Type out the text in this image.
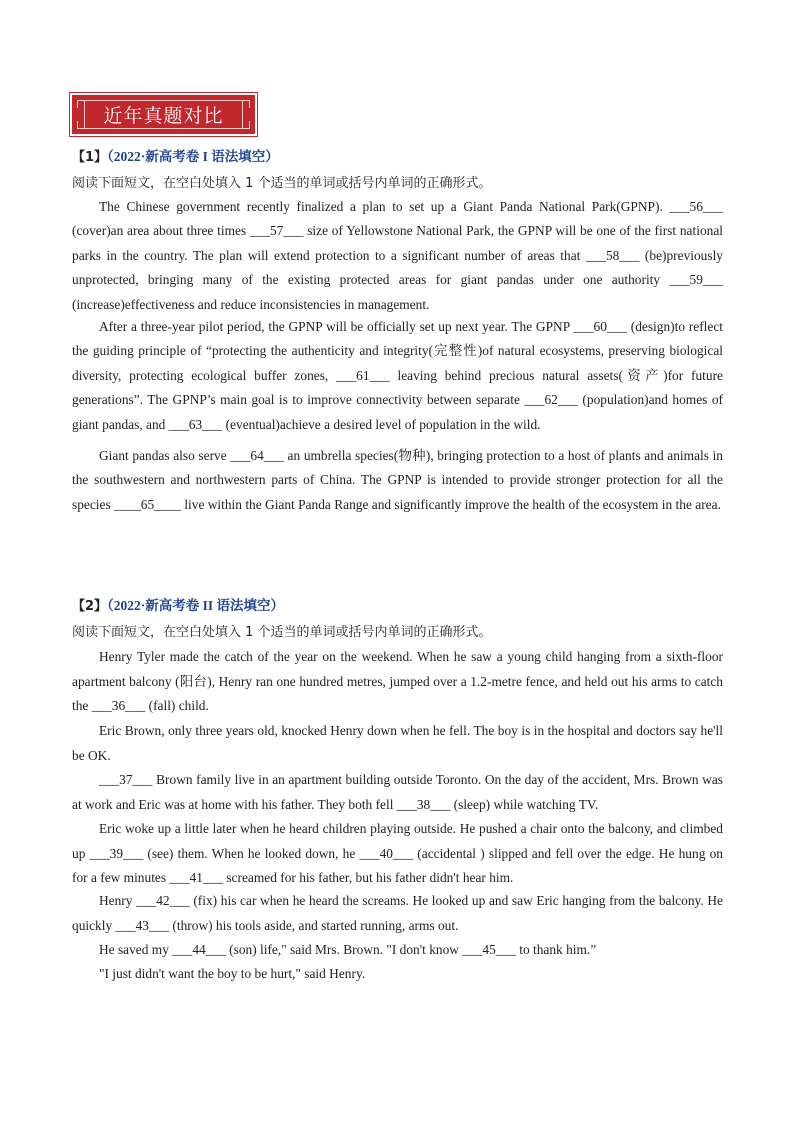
近年真题对比
【1】（2022·新高考卷 I 语法填空）
阅读下面短文，在空白处填入 1 个适当的单词或括号内单词的正确形式。

The Chinese government recently finalized a plan to set up a Giant Panda National Park(GPNP). ___56___ (cover)an area about three times ___57___ size of Yellowstone National Park, the GPNP will be one of the first national parks in the country. The plan will extend protection to a significant number of areas that ___58___ (be)previously unprotected, bringing many of the existing protected areas for giant pandas under one authority ___59___ (increase)effectiveness and reduce inconsistencies in management.

After a three-year pilot period, the GPNP will be officially set up next year. The GPNP ___60___ (design)to reflect the guiding principle of “protecting the authenticity and integrity(完整性)of natural ecosystems, preserving biological diversity, protecting ecological buffer zones, ___61___ leaving behind precious natural assets(资产)for future generations”. The GPNP’s main goal is to improve connectivity between separate ___62___ (population)and homes of giant pandas, and ___63___ (eventual)achieve a desired level of population in the wild.

Giant pandas also serve ___64___ an umbrella species(物种), bringing protection to a host of plants and animals in the southwestern and northwestern parts of China. The GPNP is intended to provide stronger protection for all the species ____65____ live within the Giant Panda Range and significantly improve the health of the ecosystem in the area.

【2】（2022·新高考卷 II 语法填空）
阅读下面短文，在空白处填入 1 个适当的单词或括号内单词的正确形式。

Henry Tyler made the catch of the year on the weekend. When he saw a young child hanging from a sixth-floor apartment balcony (阳台), Henry ran one hundred metres, jumped over a 1.2-metre fence, and held out his arms to catch the ___36___ (fall) child.

Eric Brown, only three years old, knocked Henry down when he fell. The boy is in the hospital and doctors say he'll be OK.

___37___ Brown family live in an apartment building outside Toronto. On the day of the accident, Mrs. Brown was at work and Eric was at home with his father. They both fell ___38___ (sleep) while watching TV.

Eric woke up a little later when he heard children playing outside. He pushed a chair onto the balcony, and climbed up ___39___ (see) them. When he looked down, he ___40___ (accidental ) slipped and fell over the edge. He hung on for a few minutes ___41___ screamed for his father, but his father didn't hear him.

Henry ___42___ (fix) his car when he heard the screams. He looked up and saw Eric hanging from the balcony. He quickly ___43___ (throw) his tools aside, and started running, arms out.

He saved my ___44___ (son) life," said Mrs. Brown. "I don't know ___45___ to thank him.”

"I just didn't want the boy to be hurt," said Henry.
